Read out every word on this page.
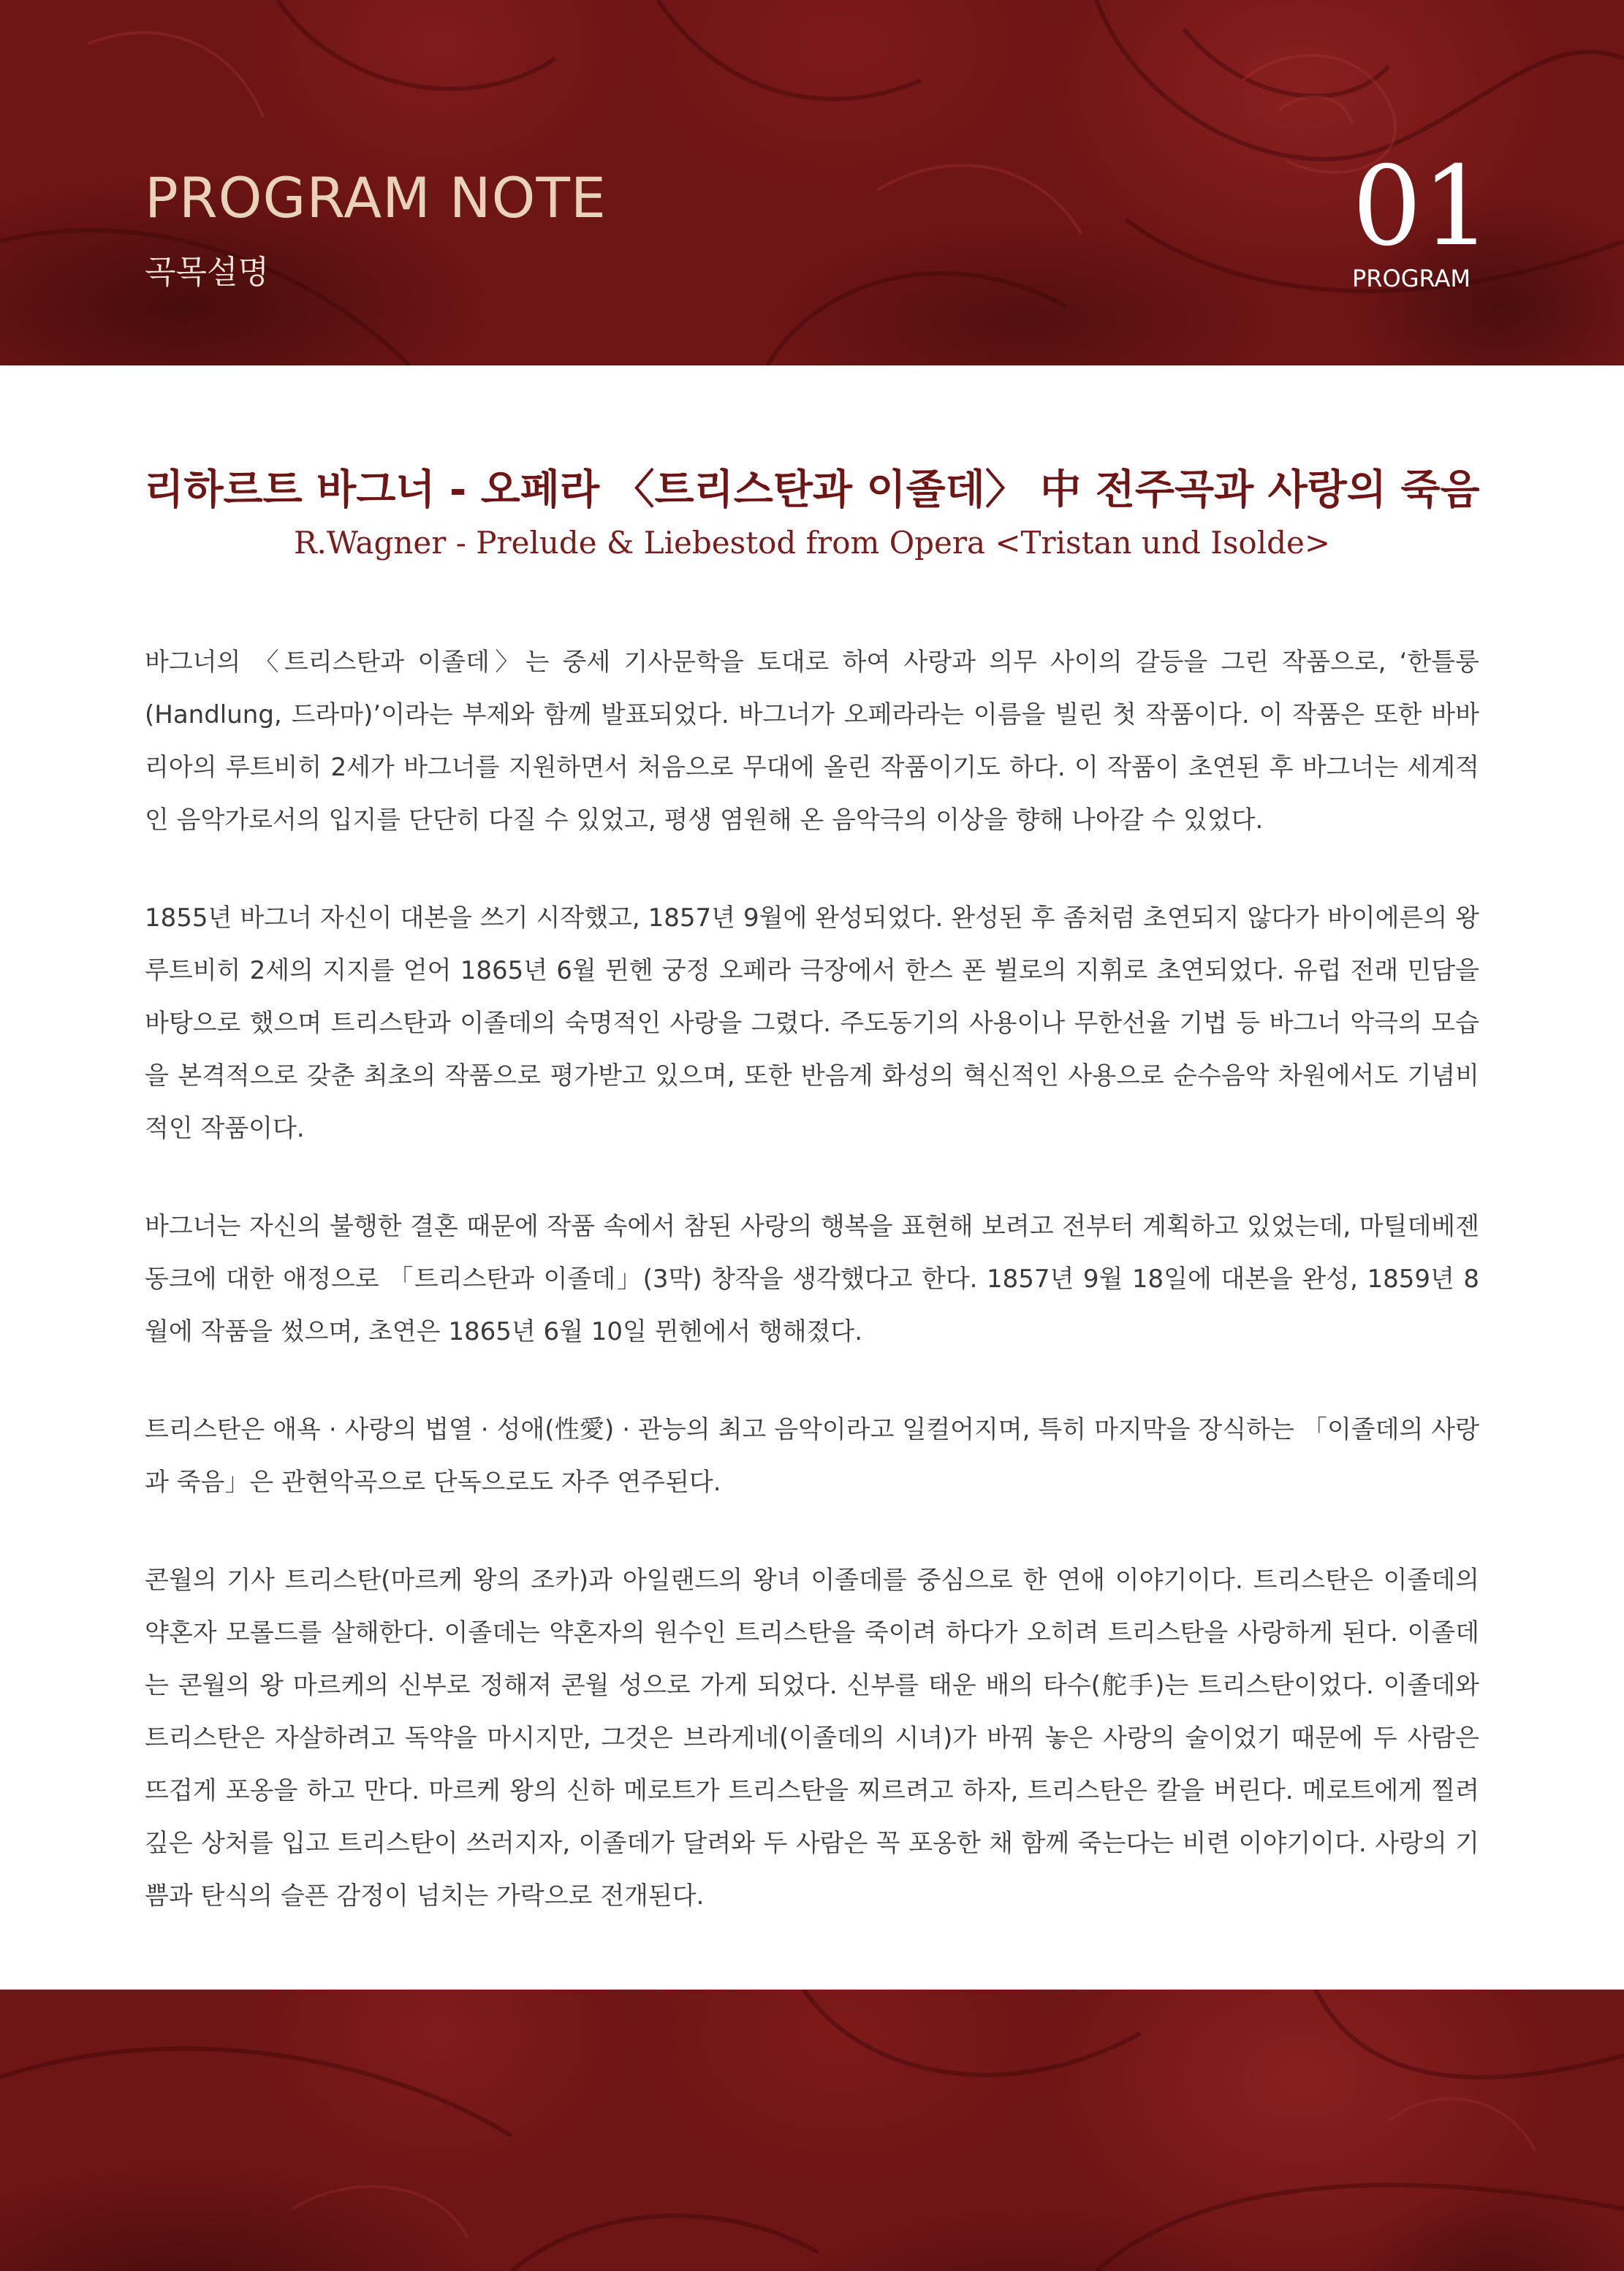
PROGRAM NOTE
곡목설명
01
PROGRAM
리하르트 바그너 - 오페라 〈트리스탄과 이졸데〉 中 전주곡과 사랑의 죽음
R.Wagner - Prelude & Liebestod from Opera <Tristan und Isolde>

바그너의 〈트리스탄과 이졸데〉는 중세 기사문학을 토대로 하여 사랑과 의무 사이의 갈등을 그린 작품으로, ‘한틀룽(Handlung, 드라마)’이라는 부제와 함께 발표되었다. 바그너가 오페라라는 이름을 빌린 첫 작품이다. 이 작품은 또한 바바리아의 루트비히 2세가 바그너를 지원하면서 처음으로 무대에 올린 작품이기도 하다. 이 작품이 초연된 후 바그너는 세계적인 음악가로서의 입지를 단단히 다질 수 있었고, 평생 염원해 온 음악극의 이상을 향해 나아갈 수 있었다.

1855년 바그너 자신이 대본을 쓰기 시작했고, 1857년 9월에 완성되었다. 완성된 후 좀처럼 초연되지 않다가 바이에른의 왕 루트비히 2세의 지지를 얻어 1865년 6월 뮌헨 궁정 오페라 극장에서 한스 폰 뷜로의 지휘로 초연되었다. 유럽 전래 민담을 바탕으로 했으며 트리스탄과 이졸데의 숙명적인 사랑을 그렸다. 주도동기의 사용이나 무한선율 기법 등 바그너 악극의 모습을 본격적으로 갖춘 최초의 작품으로 평가받고 있으며, 또한 반음계 화성의 혁신적인 사용으로 순수음악 차원에서도 기념비적인 작품이다.

바그너는 자신의 불행한 결혼 때문에 작품 속에서 참된 사랑의 행복을 표현해 보려고 전부터 계획하고 있었는데, 마틸데베젠동크에 대한 애정으로 「트리스탄과 이졸데」(3막) 창작을 생각했다고 한다. 1857년 9월 18일에 대본을 완성, 1859년 8월에 작품을 썼으며, 초연은 1865년 6월 10일 뮌헨에서 행해졌다.

트리스탄은 애욕 · 사랑의 법열 · 성애(性愛) · 관능의 최고 음악이라고 일컬어지며, 특히 마지막을 장식하는 「이졸데의 사랑과 죽음」은 관현악곡으로 단독으로도 자주 연주된다.

콘월의 기사 트리스탄(마르케 왕의 조카)과 아일랜드의 왕녀 이졸데를 중심으로 한 연애 이야기이다. 트리스탄은 이졸데의 약혼자 모롤드를 살해한다. 이졸데는 약혼자의 원수인 트리스탄을 죽이려 하다가 오히려 트리스탄을 사랑하게 된다. 이졸데는 콘월의 왕 마르케의 신부로 정해져 콘월 성으로 가게 되었다. 신부를 태운 배의 타수(舵手)는 트리스탄이었다. 이졸데와 트리스탄은 자살하려고 독약을 마시지만, 그것은 브라게네(이졸데의 시녀)가 바꿔 놓은 사랑의 술이었기 때문에 두 사람은 뜨겁게 포옹을 하고 만다. 마르케 왕의 신하 메로트가 트리스탄을 찌르려고 하자, 트리스탄은 칼을 버린다. 메로트에게 찔려 깊은 상처를 입고 트리스탄이 쓰러지자, 이졸데가 달려와 두 사람은 꼭 포옹한 채 함께 죽는다는 비련 이야기이다. 사랑의 기쁨과 탄식의 슬픈 감정이 넘치는 가락으로 전개된다.
